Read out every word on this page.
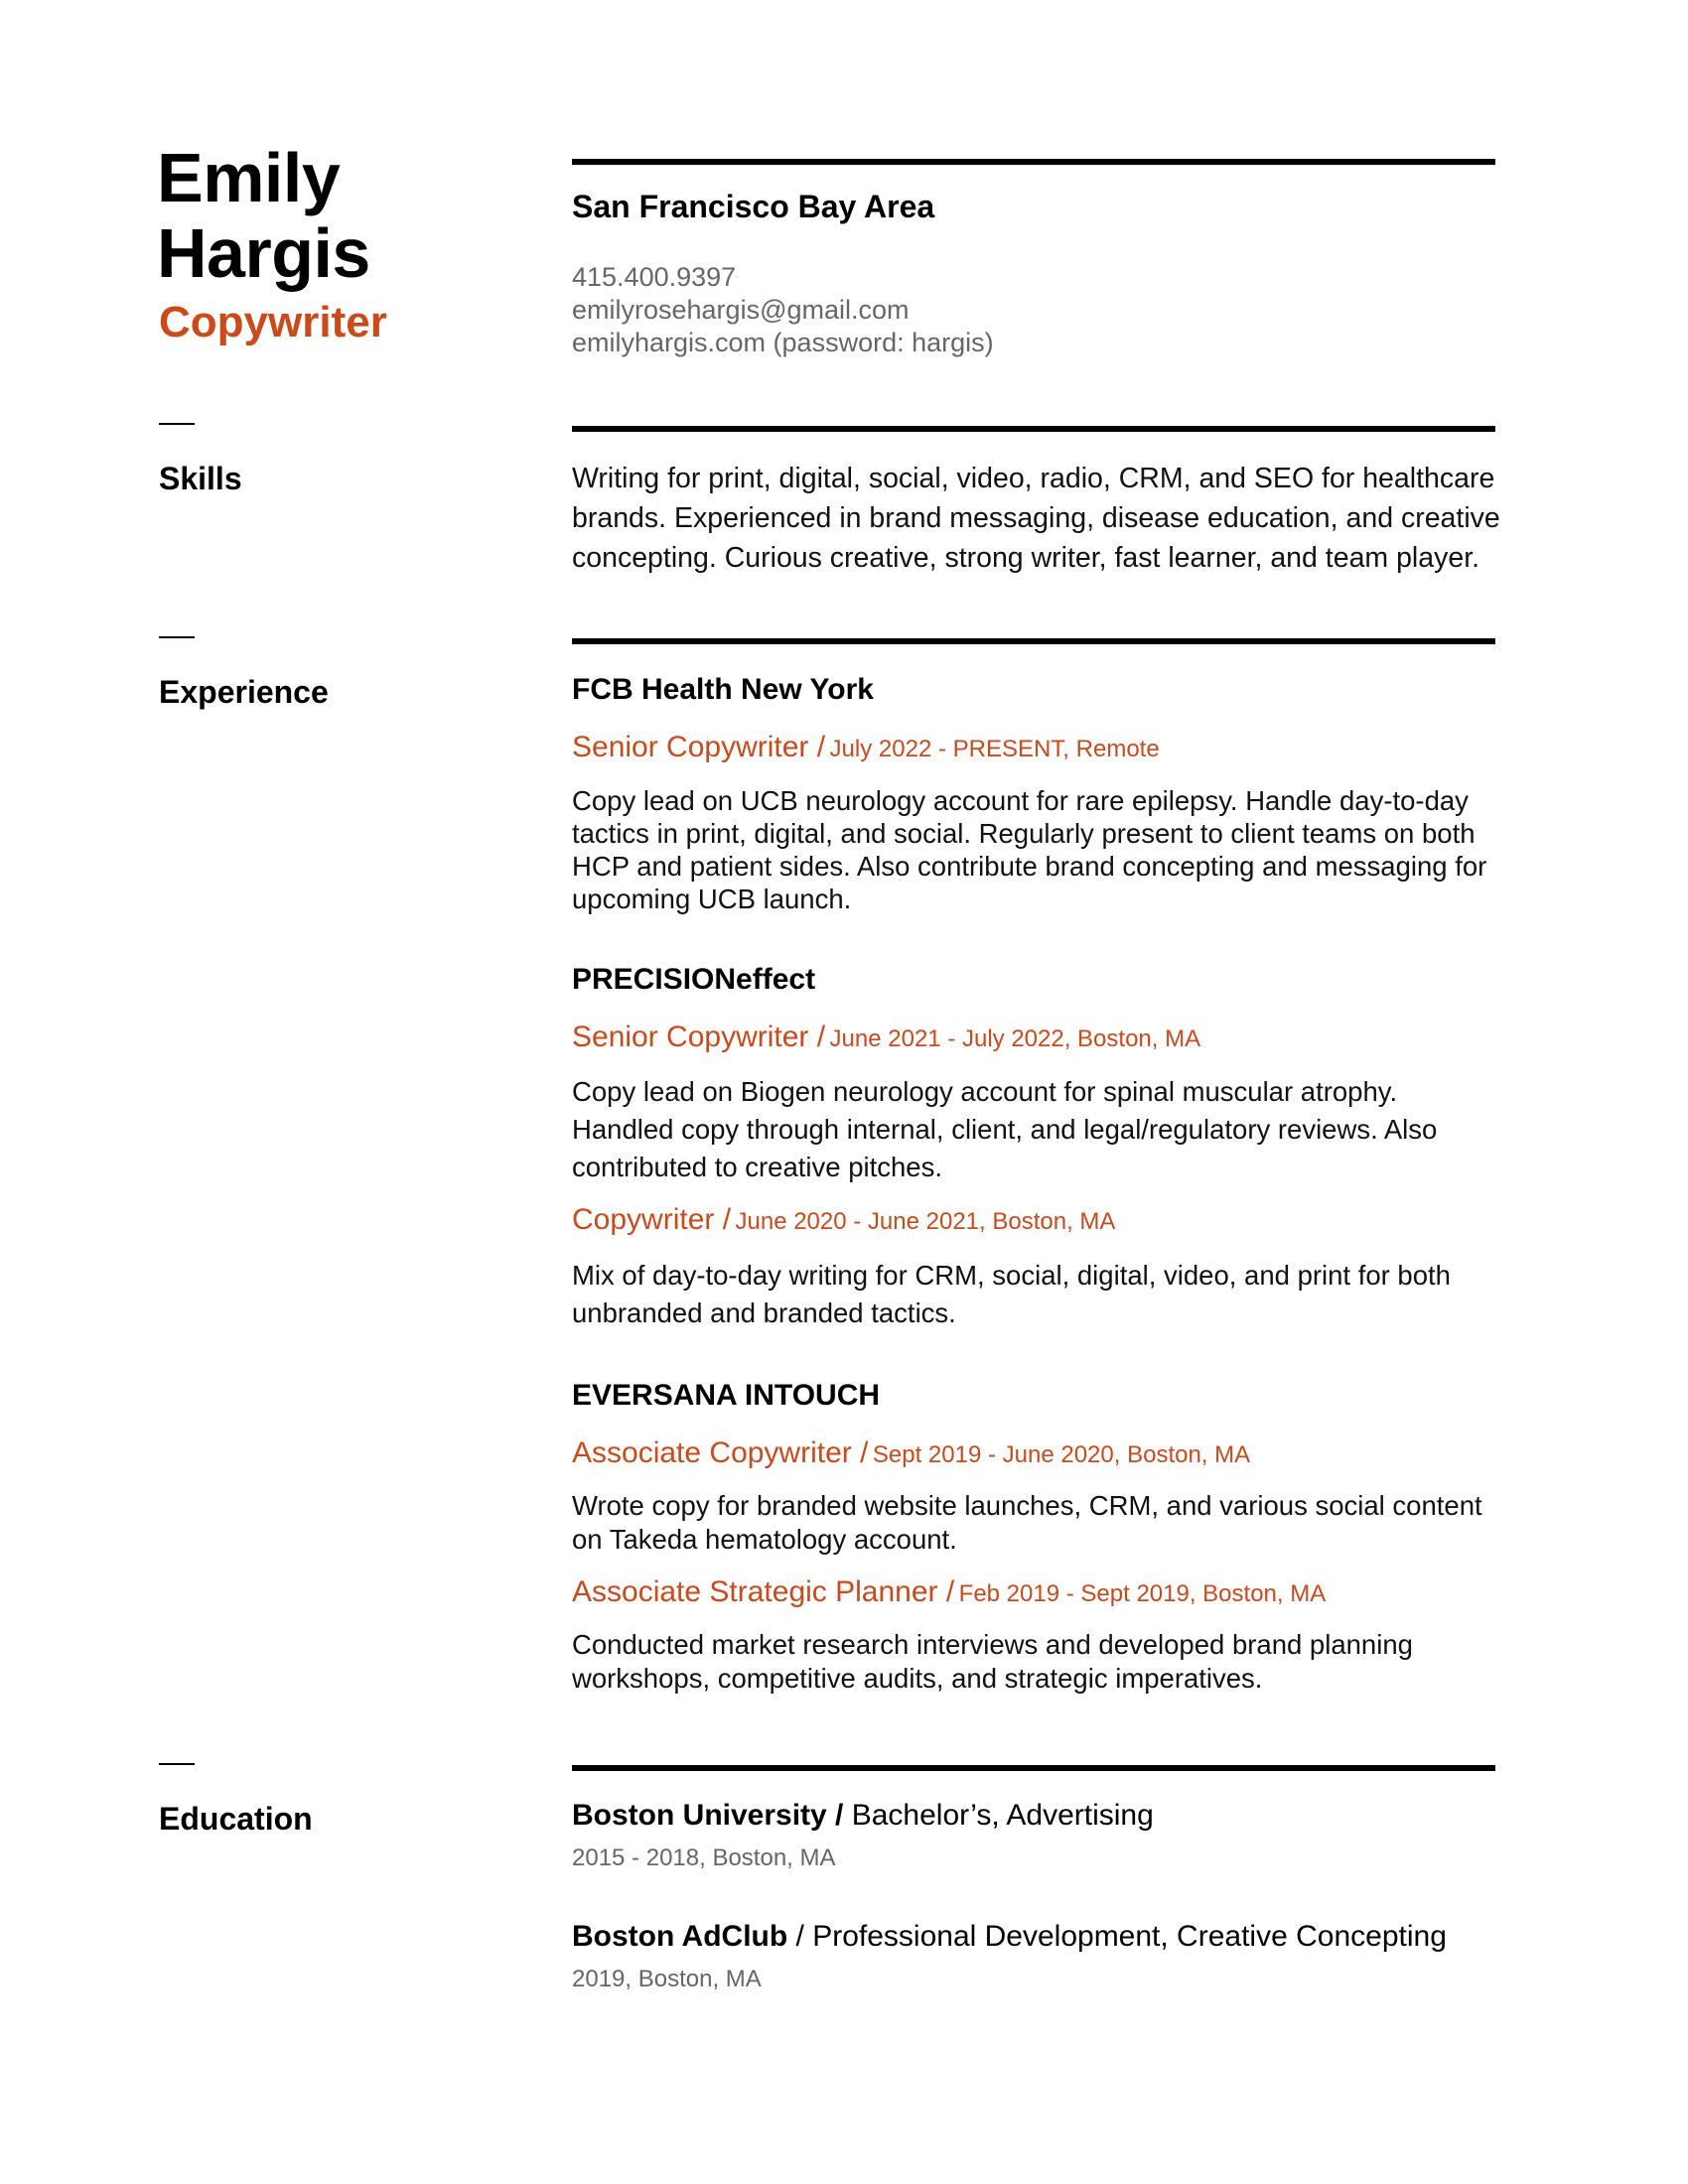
Emily
Hargis
Copywriter
San Francisco Bay Area
415.400.9397
emilyrosehargis@gmail.com
emilyhargis.com (password: hargis)
Skills	Writing for print, digital, social, video, radio, CRM, and SEO for healthcare brands. Experienced in brand messaging, disease education, and creative concepting. Curious creative, strong writer, fast learner, and team player.
Experience	FCB Health New York
Senior Copywriter / July 2022 - PRESENT, Remote
Copy lead on UCB neurology account for rare epilepsy. Handle day-to-day tactics in print, digital, and social. Regularly present to client teams on both HCP and patient sides. Also contribute brand concepting and messaging for upcoming UCB launch.
PRECISIONeffect
Senior Copywriter / June 2021 - July 2022, Boston, MA
Copy lead on Biogen neurology account for spinal muscular atrophy. Handled copy through internal, client, and legal/regulatory reviews. Also contributed to creative pitches.
Copywriter / June 2020 - June 2021, Boston, MA
Mix of day-to-day writing for CRM, social, digital, video, and print for both unbranded and branded tactics.
EVERSANA INTOUCH
Associate Copywriter / Sept 2019 - June 2020, Boston, MA
Wrote copy for branded website launches, CRM, and various social content on Takeda hematology account.
Associate Strategic Planner / Feb 2019 - Sept 2019, Boston, MA
Conducted market research interviews and developed brand planning workshops, competitive audits, and strategic imperatives.
Education	Boston University / Bachelor’s, Advertising
2015 - 2018, Boston, MA
Boston AdClub / Professional Development, Creative Concepting
2019, Boston, MA
